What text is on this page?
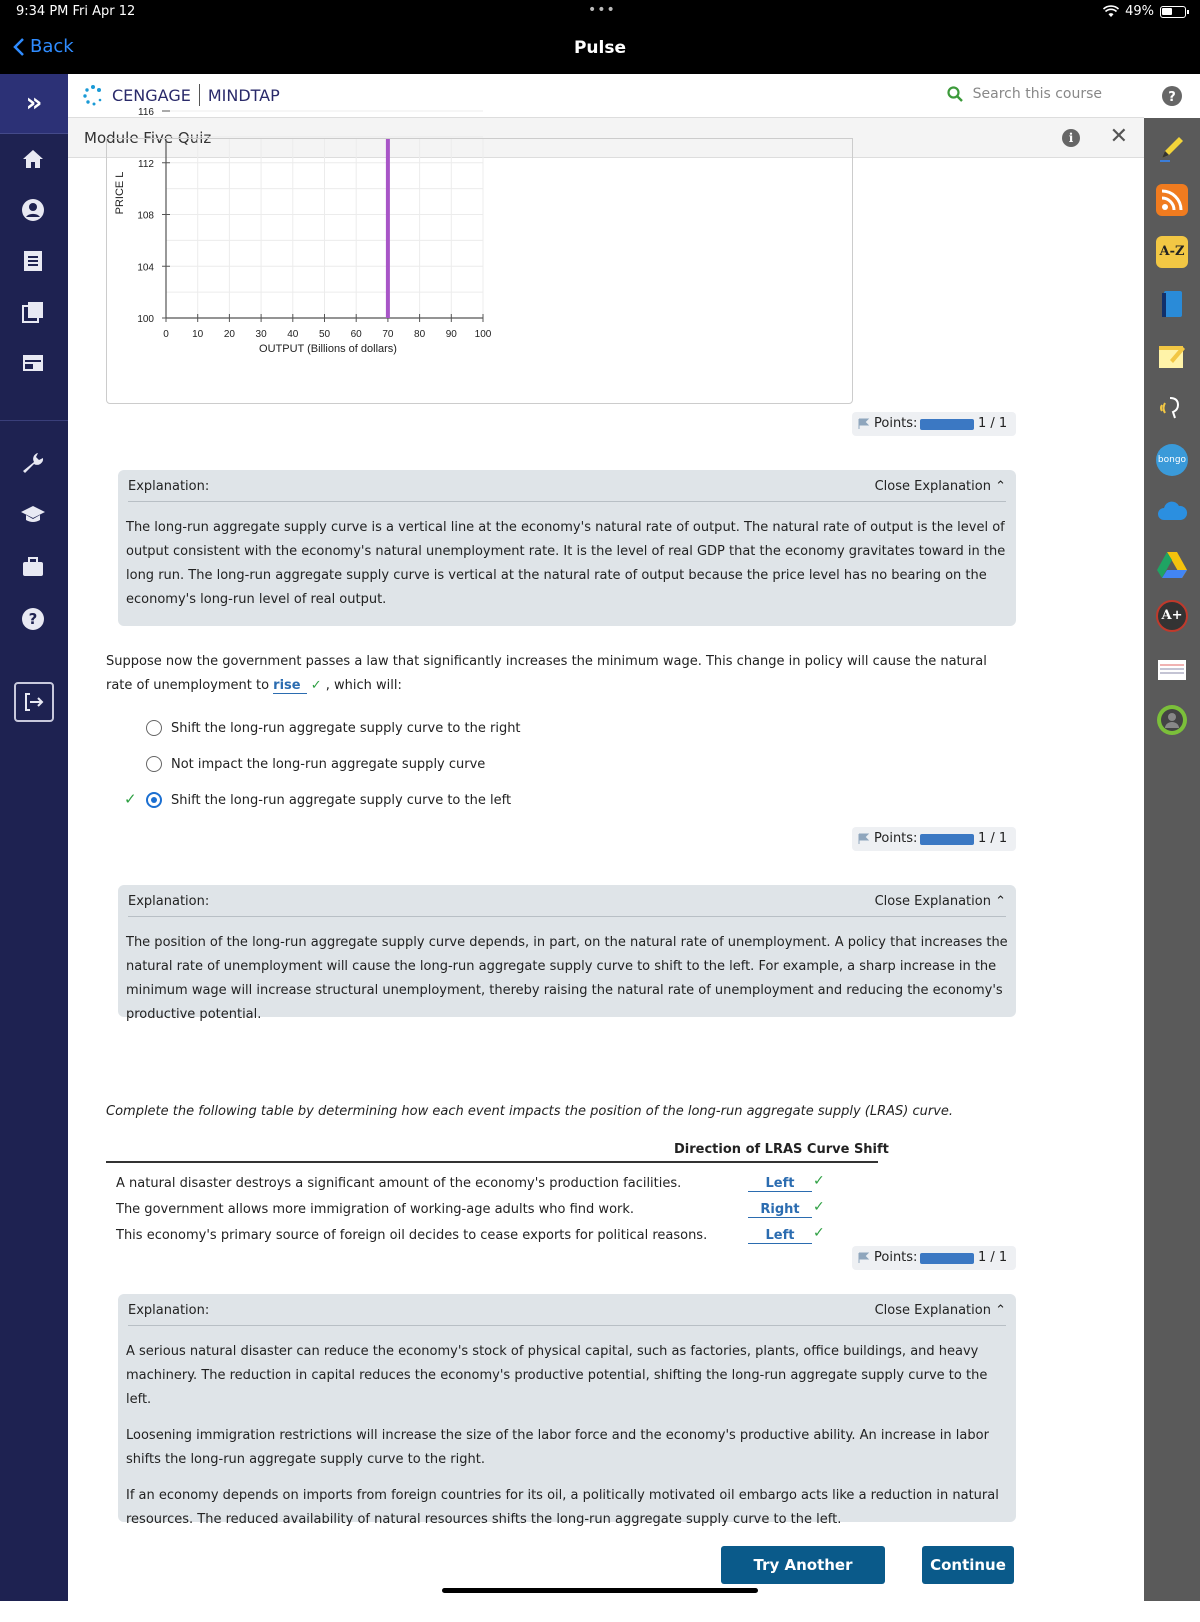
9:34 PM Fri Apr 12	•••	49%
Back	Pulse
»
?
?
A-Z
bongo
A+
CENGAGE MINDTAP	Search this course
Module Five Quiz	i	✕
PRICE L
OUTPUT (Billions of dollars)
0 10 20 30 40 50 60 70 80 90 100
100
104
108
112
116
Points:	1 / 1
Explanation:	Close Explanation ⌃
The long-run aggregate supply curve is a vertical line at the economy's natural rate of output. The natural rate of output is the level of output consistent with the economy's natural unemployment rate. It is the level of real GDP that the economy gravitates toward in the long run. The long-run aggregate supply curve is vertical at the natural rate of output because the price level has no bearing on the economy's long-run level of real output.
Suppose now the government passes a law that significantly increases the minimum wage. This change in policy will cause the natural rate of unemployment to rise ✓ , which will:
Shift the long-run aggregate supply curve to the right
Not impact the long-run aggregate supply curve
✓	Shift the long-run aggregate supply curve to the left
Points:	1 / 1
Explanation:	Close Explanation ⌃
The position of the long-run aggregate supply curve depends, in part, on the natural rate of unemployment. A policy that increases the natural rate of unemployment will cause the long-run aggregate supply curve to shift to the left. For example, a sharp increase in the minimum wage will increase structural unemployment, thereby raising the natural rate of unemployment and reducing the economy's productive potential.
Complete the following table by determining how each event impacts the position of the long-run aggregate supply (LRAS) curve.
Direction of LRAS Curve Shift
A natural disaster destroys a significant amount of the economy's production facilities.	Left	✓
The government allows more immigration of working-age adults who find work.	Right ✓
This economy's primary source of foreign oil decides to cease exports for political reasons.	Left	✓
Points:	1 / 1
Explanation:	Close Explanation ⌃

A serious natural disaster can reduce the economy's stock of physical capital, such as factories, plants, office buildings, and heavy machinery. The reduction in capital reduces the economy's productive potential, shifting the long-run aggregate supply curve to the left.

Loosening immigration restrictions will increase the size of the labor force and the economy's productive ability. An increase in labor shifts the long-run aggregate supply curve to the right.

If an economy depends on imports from foreign countries for its oil, a politically motivated oil embargo acts like a reduction in natural resources. The reduced availability of natural resources shifts the long-run aggregate supply curve to the left.

Try Another Version
Continue
